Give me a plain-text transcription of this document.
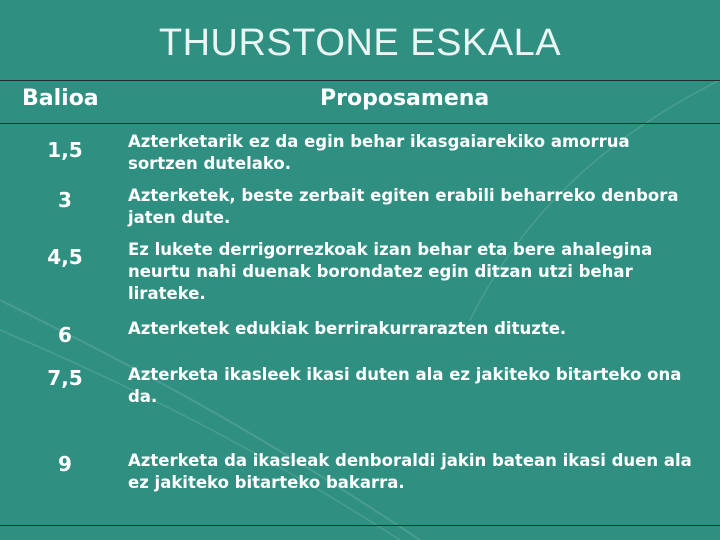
THURSTONE ESKALA
Balioa	Proposamena
1,5	Azterketarik ez da egin behar ikasgaiarekiko amorrua sortzen dutelako.
3	Azterketek, beste zerbait egiten erabili beharreko denbora jaten dute.
4,5	Ez lukete derrigorrezkoak izan behar eta bere ahalegina neurtu nahi duenak borondatez egin ditzan utzi behar lirateke.
6	Azterketek edukiak berrirakurrarazten dituzte.
7,5	Azterketa ikasleek ikasi duten ala ez jakiteko bitarteko ona da.
9	Azterketa da ikasleak denboraldi jakin batean ikasi duen ala ez jakiteko bitarteko bakarra.
